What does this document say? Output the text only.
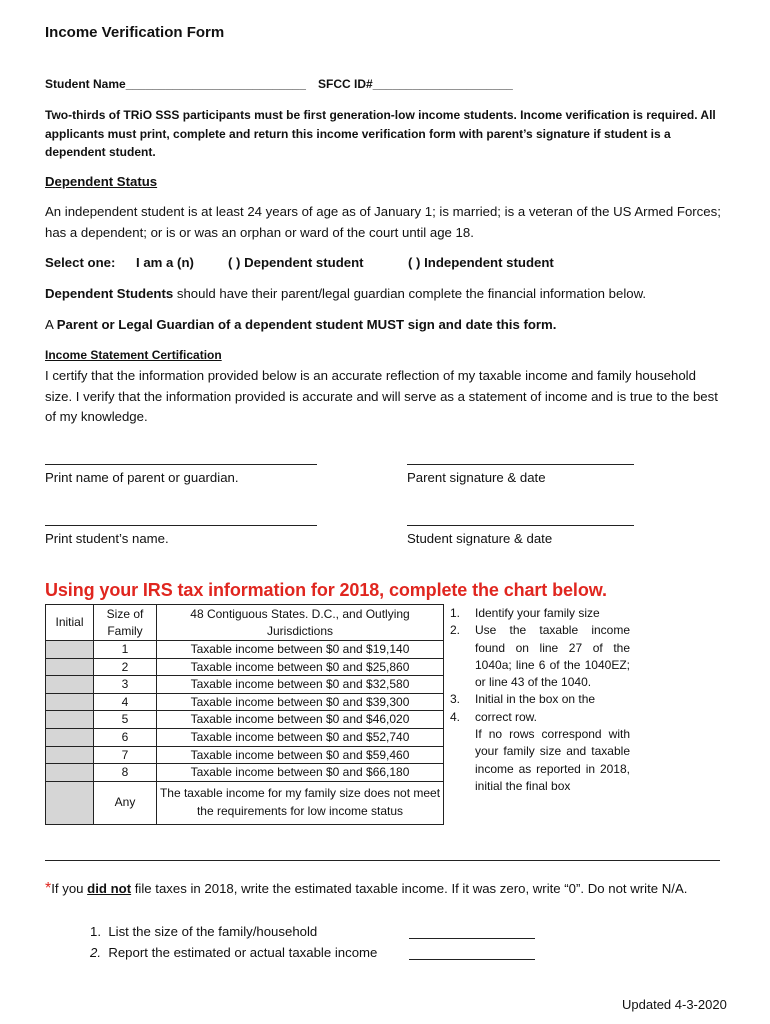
Income Verification Form
Student Name___________________________ SFCC ID#_____________________
Two-thirds of TRiO SSS participants must be first generation-low income students. Income verification is required. All applicants must print, complete and return this income verification form with parent’s signature if student is a dependent student.
Dependent Status
An independent student is at least 24 years of age as of January 1; is married; is a veteran of the US Armed Forces; has a dependent; or is or was an orphan or ward of the court until age 18.
Select one: I am a (n)	( ) Dependent student	( ) Independent student
Dependent Students should have their parent/legal guardian complete the financial information below.
A Parent or Legal Guardian of a dependent student MUST sign and date this form.
Income Statement Certification
I certify that the information provided below is an accurate reflection of my taxable income and family household size. I verify that the information provided is accurate and will serve as a statement of income and is true to the best of my knowledge.
Print name of parent or guardian.	Parent signature & date
Print student’s name.	Student signature & date
Using your IRS tax information for 2018, complete the chart below.
Initial	Size of Family	48 Contiguous States. D.C., and Outlying Jurisdictions
	1	Taxable income between $0 and $19,140
	2	Taxable income between $0 and $25,860
	3	Taxable income between $0 and $32,580
	4	Taxable income between $0 and $39,300
	5	Taxable income between $0 and $46,020
	6	Taxable income between $0 and $52,740
	7	Taxable income between $0 and $59,460
	8	Taxable income between $0 and $66,180
	Any	The taxable income for my family size does not meet the requirements for low income status
1.	Identify your family size
2.	Use the taxable income found on line 27 of the 1040a; line 6 of the 1040EZ; or line 43 of the 1040.
3.	Initial in the box on the
4.	correct row.
If no rows correspond with your family size and taxable income as reported in 2018, initial the final box
*If you did not file taxes in 2018, write the estimated taxable income. If it was zero, write “0”. Do not write N/A.
1. List the size of the family/household
2. Report the estimated or actual taxable income
Updated 4-3-2020
